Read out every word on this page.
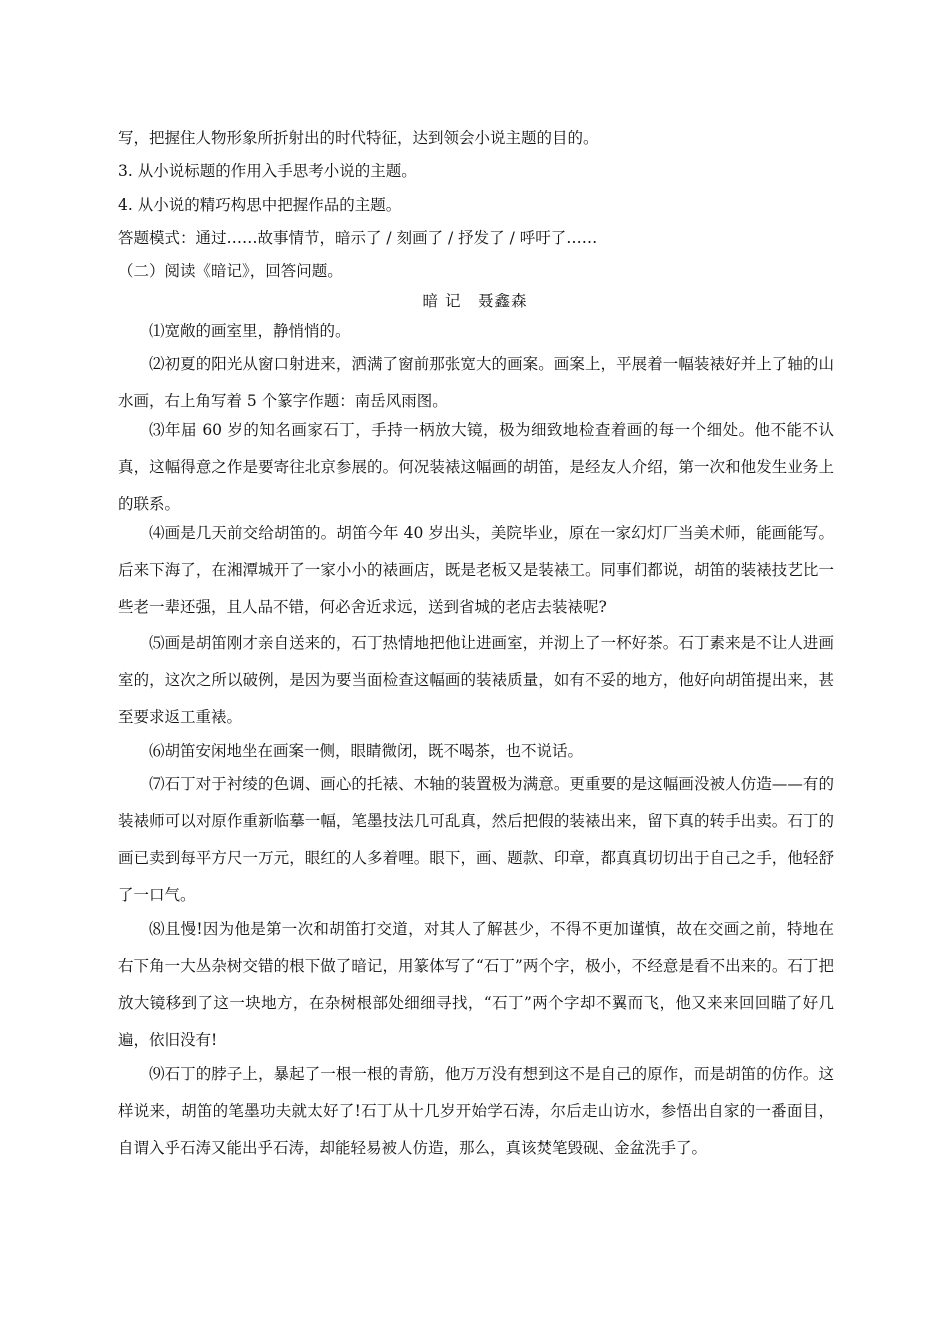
写，把握住人物形象所折射出的时代特征，达到领会小说主题的目的。
3. 从小说标题的作用入手思考小说的主题。
4. 从小说的精巧构思中把握作品的主题。
答题模式：通过……故事情节，暗示了 / 刻画了 / 抒发了 / 呼吁了……
（二）阅读《暗记》，回答问题。
暗 记　聂鑫森
⑴宽敞的画室里，静悄悄的。
⑵初夏的阳光从窗口射进来，洒满了窗前那张宽大的画案。画案上，平展着一幅装裱好并上了轴的山水画，右上角写着 5 个篆字作题：南岳风雨图。
⑶年届 60 岁的知名画家石丁，手持一柄放大镜，极为细致地检查着画的每一个细处。他不能不认真，这幅得意之作是要寄往北京参展的。何况装裱这幅画的胡笛，是经友人介绍，第一次和他发生业务上的联系。
⑷画是几天前交给胡笛的。胡笛今年 40 岁出头，美院毕业，原在一家幻灯厂当美术师，能画能写。后来下海了，在湘潭城开了一家小小的裱画店，既是老板又是装裱工。同事们都说，胡笛的装裱技艺比一些老一辈还强，且人品不错，何必舍近求远，送到省城的老店去装裱呢?
⑸画是胡笛刚才亲自送来的，石丁热情地把他让进画室，并沏上了一杯好茶。石丁素来是不让人进画室的，这次之所以破例，是因为要当面检查这幅画的装裱质量，如有不妥的地方，他好向胡笛提出来，甚至要求返工重裱。
⑹胡笛安闲地坐在画案一侧，眼睛微闭，既不喝茶，也不说话。
⑺石丁对于衬绫的色调、画心的托裱、木轴的装置极为满意。更重要的是这幅画没被人仿造——有的装裱师可以对原作重新临摹一幅，笔墨技法几可乱真，然后把假的装裱出来，留下真的转手出卖。石丁的画已卖到每平方尺一万元，眼红的人多着哩。眼下，画、题款、印章，都真真切切出于自己之手，他轻舒了一口气。
⑻且慢!因为他是第一次和胡笛打交道，对其人了解甚少，不得不更加谨慎，故在交画之前，特地在右下角一大丛杂树交错的根下做了暗记，用篆体写了“石丁”两个字，极小，不经意是看不出来的。石丁把放大镜移到了这一块地方，在杂树根部处细细寻找，“石丁”两个字却不翼而飞，他又来来回回瞄了好几遍，依旧没有!
⑼石丁的脖子上，暴起了一根一根的青筋，他万万没有想到这不是自己的原作，而是胡笛的仿作。这样说来，胡笛的笔墨功夫就太好了!石丁从十几岁开始学石涛，尔后走山访水，参悟出自家的一番面目，自谓入乎石涛又能出乎石涛，却能轻易被人仿造，那么，真该焚笔毁砚、金盆洗手了。
